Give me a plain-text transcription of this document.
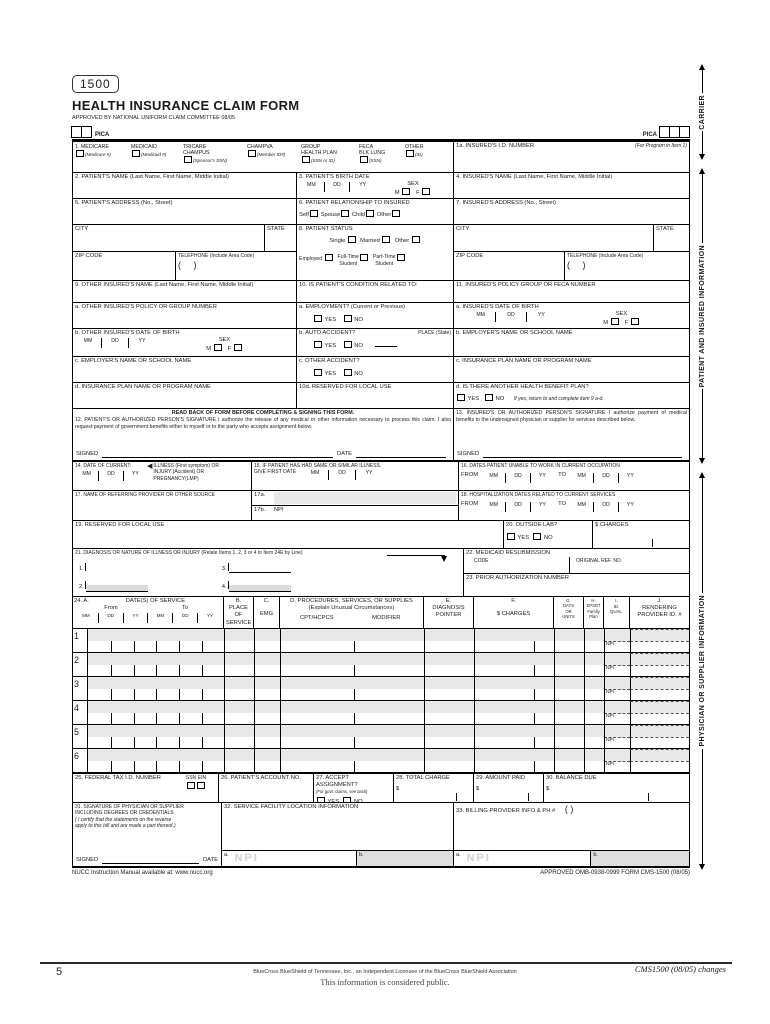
1500
HEALTH INSURANCE CLAIM FORM
APPROVED BY NATIONAL UNIFORM CLAIM COMMITTEE 08/05
PICA	PICA
1. MEDICARE
(Medicare #)
MEDICAID
(Medicaid #)
TRICARE
CHAMPUS
(Sponsor's SSN)
CHAMPVA
(Member ID#)
GROUP
HEALTH PLAN
(SSN or ID)
FECA
BLK LUNG
(SSN)
OTHER
(ID)
1a. INSURED'S I.D. NUMBER	(For Program in Item 1)
2. PATIENT'S NAME (Last Name, First Name, Middle Initial)	3. PATIENT'S BIRTH DATE
MM	DD	YY	SEX
M	F
4. INSURED'S NAME (Last Name, First Name, Middle Initial)
5. PATIENT'S ADDRESS (No., Street)	6. PATIENT RELATIONSHIP TO INSURED
Self Spouse Child Other
7. INSURED'S ADDRESS (No., Street)
CITY	STATE
ZIP CODE	TELEPHONE (Include Area Code)
(     )
8. PATIENT STATUS
Single	Married	Other
Employed	Full-Time
Student
Part-Time
Student
CITY	STATE
ZIP CODE	TELEPHONE (Include Area Code)
(     )
9. OTHER INSURED'S NAME (Last Name, First Name, Middle Initial)	10. IS PATIENT'S CONDITION RELATED TO:	11. INSURED'S POLICY GROUP OR FECA NUMBER
a. OTHER INSURED'S POLICY OR GROUP NUMBER	a. EMPLOYMENT? (Current or Previous)
YES	NO
a. INSURED'S DATE OF BIRTH
MM	DD	YY	SEX
M	F
b. OTHER INSURED'S DATE OF BIRTH
MM	DD	YY	SEX
M	F
b. AUTO ACCIDENT?	PLACE (State)
YES	NO
b. EMPLOYER'S NAME OR SCHOOL NAME
c. EMPLOYER'S NAME OR SCHOOL NAME	c. OTHER ACCIDENT?
YES	NO
c. INSURANCE PLAN NAME OR PROGRAM NAME
d. INSURANCE PLAN NAME OR PROGRAM NAME	10d. RESERVED FOR LOCAL USE	d. IS THERE ANOTHER HEALTH BENEFIT PLAN?
YES	NO If yes, return to and complete item 9 a-d.
READ BACK OF FORM BEFORE COMPLETING & SIGNING THIS FORM.
12. PATIENT'S OR AUTHORIZED PERSON'S SIGNATURE I authorize the release of any medical or other information necessary to process this claim. I also request payment of government benefits either to myself or to the party who accepts assignment below.
SIGNED	DATE
13. INSURED'S OR AUTHORIZED PERSON'S SIGNATURE I authorize payment of medical benefits to the undersigned physician or supplier for services described below.
SIGNED
14. DATE OF CURRENT:
MM	DD	YY
◀ ILLNESS (First symptom) OR
INJURY (Accident) OR
PREGNANCY(LMP)
15. IF PATIENT HAS HAD SAME OR SIMILAR ILLNESS.
GIVE FIRST DATE	MM	DD	YY
16. DATES PATIENT UNABLE TO WORK IN CURRENT OCCUPATION
FROM	MM	DD	YY	TO	MM	DD	YY
17. NAME OF REFERRING PROVIDER OR OTHER SOURCE	17a.
17b.	NPI
18. HOSPITALIZATION DATES RELATED TO CURRENT SERVICES
FROM	MM	DD	YY	TO	MM	DD	YY
19. RESERVED FOR LOCAL USE	20. OUTSIDE LAB?
YES	NO
$ CHARGES
21. DIAGNOSIS OR NATURE OF ILLNESS OR INJURY (Relate Items 1, 2, 3 or 4 to Item 24E by Line)
1.	3.
2.	4.
22. MEDICAID RESUBMISSION
CODE	ORIGINAL REF. NO.
23. PRIOR AUTHORIZATION NUMBER
24. A.	DATE(S) OF SERVICE
From	To
MM	DD	YY	MM	DD	YY
B.
PLACE OF
SERVICE
C.
EMG
D. PROCEDURES, SERVICES, OR SUPPLIES
(Explain Unusual Circumstances)
CPT/HCPCS	MODIFIER
E.
DIAGNOSIS
POINTER
F.
$ CHARGES
G.
DAYS
OR
UNITS
H.
EPSDT
Family
Plan
I.
ID.
QUAL.
J.
RENDERING
PROVIDER ID. #
1
NPI
2
NPI
3
NPI
4
NPI
5
NPI
6
NPI
25. FEDERAL TAX I.D. NUMBER	SSN EIN	26. PATIENT'S ACCOUNT NO.	27. ACCEPT ASSIGNMENT?
(For govt. claims, see back)
YES	NO
28. TOTAL CHARGE
$
29. AMOUNT PAID
$
30. BALANCE DUE
$
31. SIGNATURE OF PHYSICIAN OR SUPPLIER
INCLUDING DEGREES OR CREDENTIALS
( I certify that the statements on the reverse
apply to this bill and are made a part thereof.)
SIGNED	DATE
32. SERVICE FACILITY LOCATION INFORMATION
a. NPI	b.
33. BILLING PROVIDER INFO & PH # ( )
a. NPI	b.
NUCC Instruction Manual available at: www.nucc.org	APPROVED OMB-0938-0999 FORM CMS-1500 (08/05)
CARRIER
PATIENT AND INSURED INFORMATION
PHYSICIAN OR SUPPLIER INFORMATION
5	BlueCross BlueShield of Tennessee, Inc., an Independent Licensee of the BlueCross BlueShield Association
This information is considered public.
CMS1500 (08/05) changes
